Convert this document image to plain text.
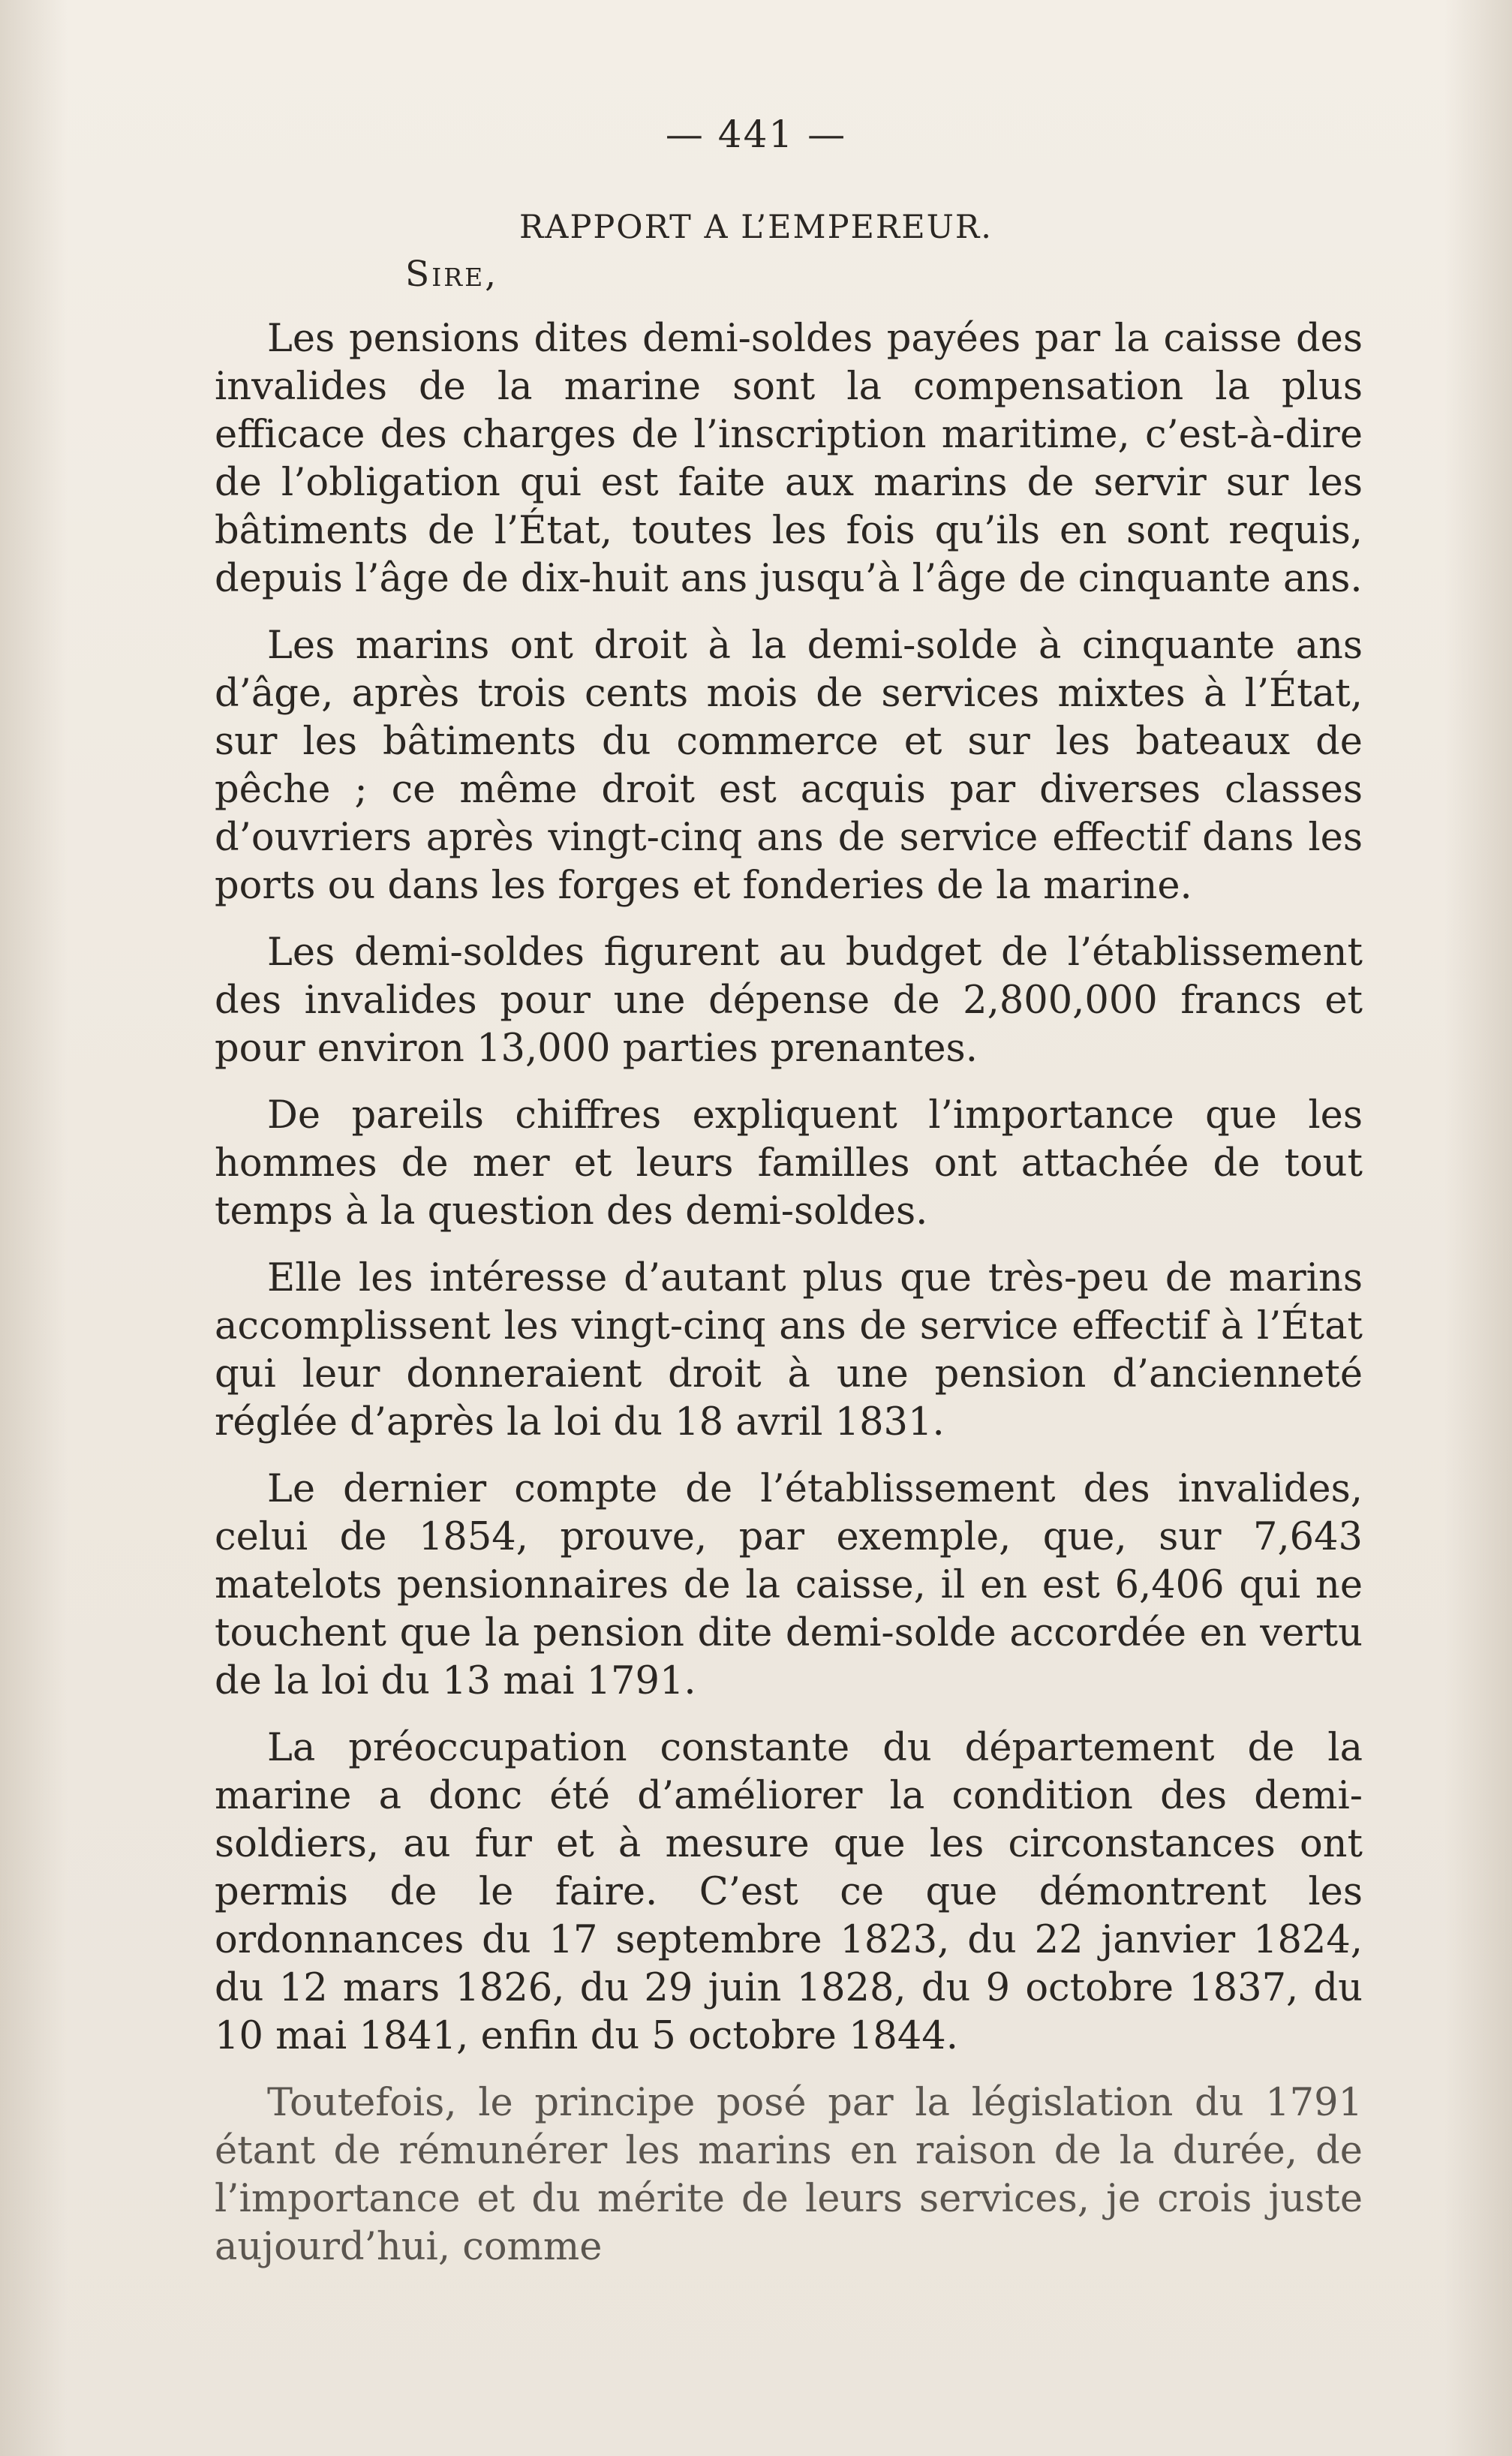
— 441 —
RAPPORT A L’EMPEREUR.
Sire,

Les pensions dites demi-soldes payées par la caisse des invalides de la marine sont la compensation la plus efficace des charges de l’inscription maritime, c’est-à-dire de l’obligation qui est faite aux marins de servir sur les bâtiments de l’État, toutes les fois qu’ils en sont requis, depuis l’âge de dix-huit ans jusqu’à l’âge de cinquante ans.

Les marins ont droit à la demi-solde à cinquante ans d’âge, après trois cents mois de services mixtes à l’État, sur les bâtiments du commerce et sur les bateaux de pêche ; ce même droit est acquis par diverses classes d’ouvriers après vingt-cinq ans de service effectif dans les ports ou dans les forges et fonderies de la marine.

Les demi-soldes figurent au budget de l’établissement des invalides pour une dépense de 2,800,000 francs et pour environ 13,000 parties prenantes.

De pareils chiffres expliquent l’importance que les hommes de mer et leurs familles ont attachée de tout temps à la question des demi-soldes.

Elle les intéresse d’autant plus que très-peu de marins accomplissent les vingt-cinq ans de service effectif à l’État qui leur donneraient droit à une pension d’ancienneté réglée d’après la loi du 18 avril 1831.

Le dernier compte de l’établissement des invalides, celui de 1854, prouve, par exemple, que, sur 7,643 matelots pensionnaires de la caisse, il en est 6,406 qui ne touchent que la pension dite demi-solde accordée en vertu de la loi du 13 mai 1791.

La préoccupation constante du département de la marine a donc été d’améliorer la condition des demi-soldiers, au fur et à mesure que les circonstances ont permis de le faire. C’est ce que démontrent les ordonnances du 17 septembre 1823, du 22 janvier 1824, du 12 mars 1826, du 29 juin 1828, du 9 octobre 1837, du 10 mai 1841, enfin du 5 octobre 1844.

Toutefois, le principe posé par la législation du 1791 étant de rémunérer les marins en raison de la durée, de l’importance et du mérite de leurs services, je crois juste aujourd’hui, comme
